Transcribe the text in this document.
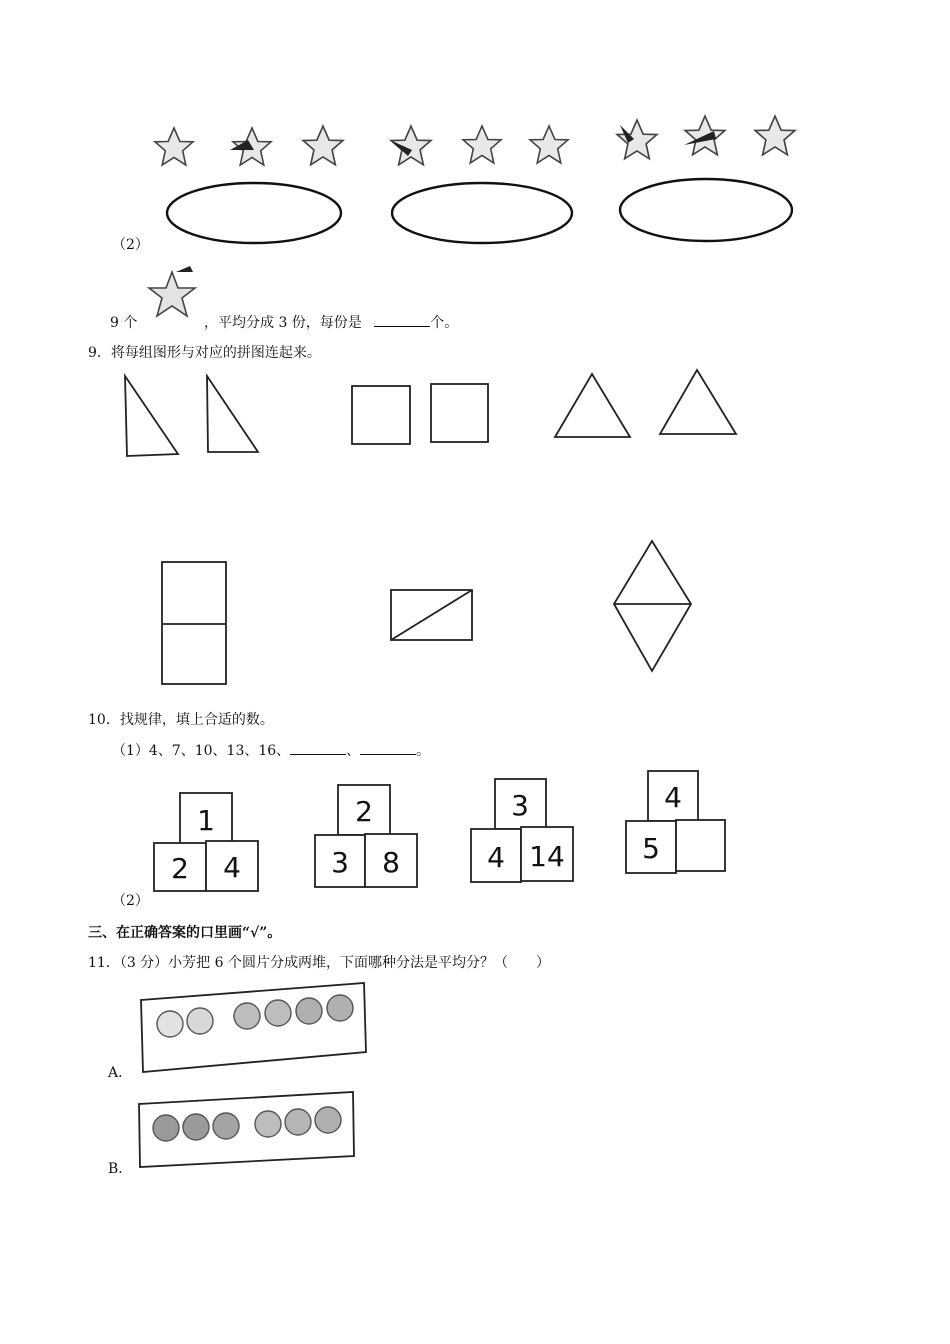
（2）
9 个	，平均分成 3 份，每份是	个。
9．将每组图形与对应的拼图连起来。
10．找规律，填上合适的数。
（1）4、7、10、13、16、	、	。
1
2 4
2
3 8
3
4 14
4
5
（2）
三、在正确答案的口里画“√”。
11．（3 分）小芳把 6 个圆片分成两堆，下面哪种分法是平均分？（　　）
A．
B．
